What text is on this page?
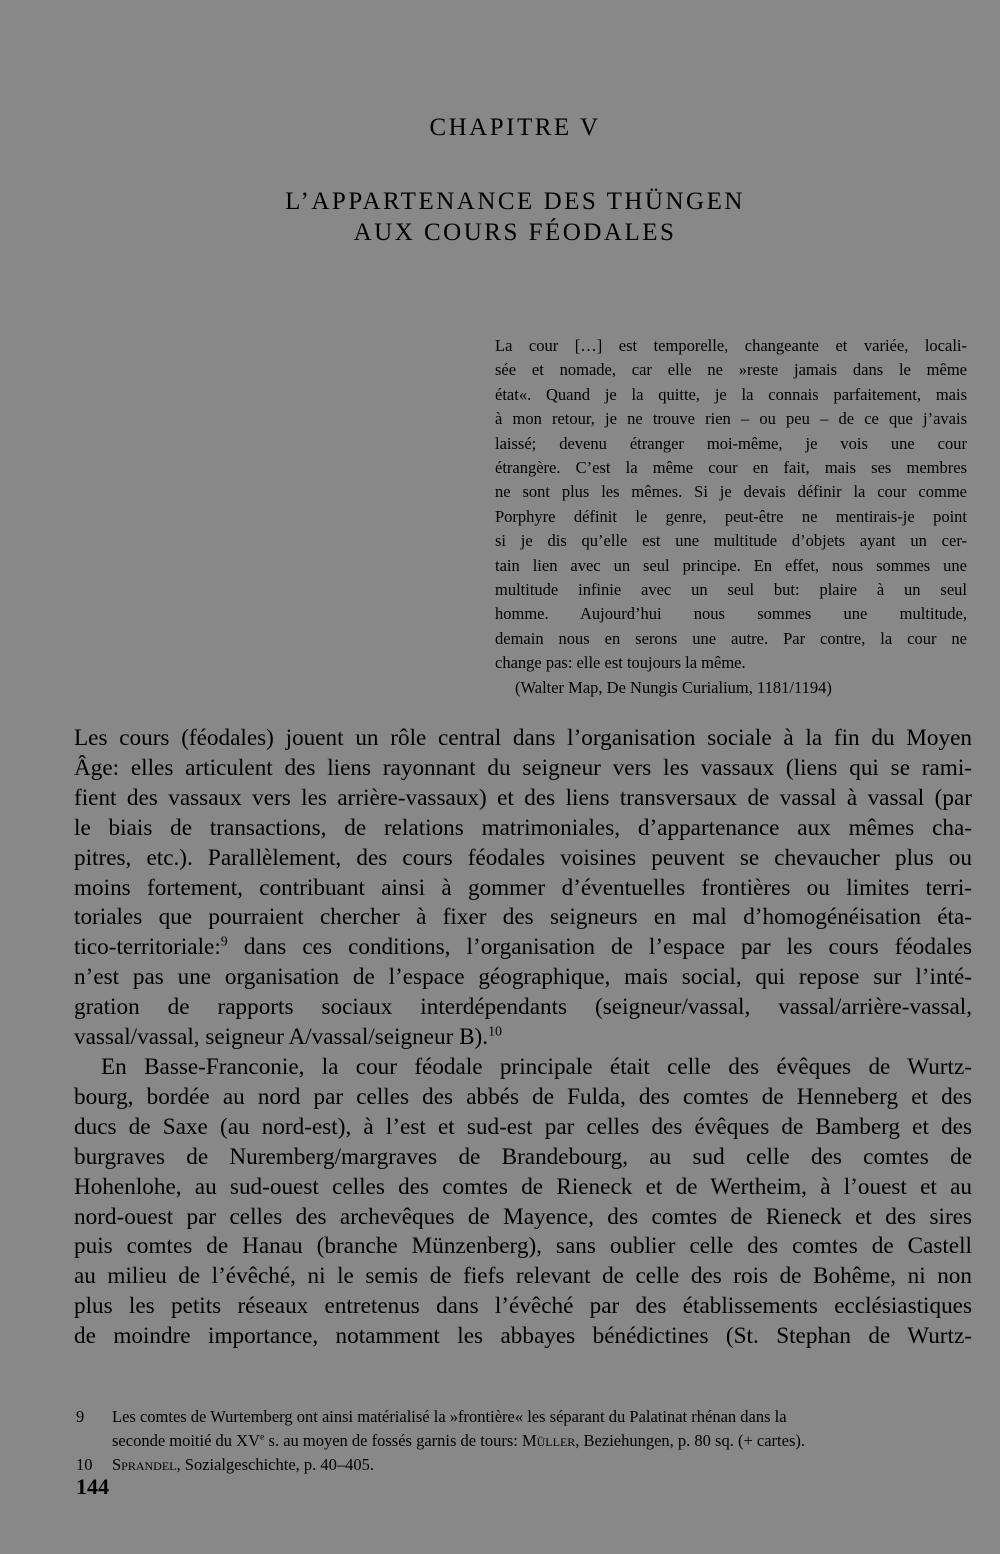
CHAPITRE V
L’APPARTENANCE DES THÜNGEN
AUX COURS FÉODALES
La cour […] est temporelle, changeante et variée, locali-
sée et nomade, car elle ne »reste jamais dans le même
état«. Quand je la quitte, je la connais parfaitement, mais
à mon retour, je ne trouve rien – ou peu – de ce que j’avais
laissé; devenu étranger moi-même, je vois une cour
étrangère. C’est la même cour en fait, mais ses membres
ne sont plus les mêmes. Si je devais définir la cour comme
Porphyre définit le genre, peut-être ne mentirais-je point
si je dis qu’elle est une multitude d’objets ayant un cer-
tain lien avec un seul principe. En effet, nous sommes une
multitude infinie avec un seul but: plaire à un seul
homme. Aujourd’hui nous sommes une multitude,
demain nous en serons une autre. Par contre, la cour ne
change pas: elle est toujours la même.
(Walter Map, De Nungis Curialium, 1181/1194)
Les cours (féodales) jouent un rôle central dans l’organisation sociale à la fin du Moyen
Âge: elles articulent des liens rayonnant du seigneur vers les vassaux (liens qui se rami-
fient des vassaux vers les arrière-vassaux) et des liens transversaux de vassal à vassal (par
le biais de transactions, de relations matrimoniales, d’appartenance aux mêmes cha-
pitres, etc.). Parallèlement, des cours féodales voisines peuvent se chevaucher plus ou
moins fortement, contribuant ainsi à gommer d’éventuelles frontières ou limites terri-
toriales que pourraient chercher à fixer des seigneurs en mal d’homogénéisation éta-
tico-territoriale:$^9$ dans ces conditions, l’organisation de l’espace par les cours féodales
n’est pas une organisation de l’espace géographique, mais social, qui repose sur l’inté-
gration de rapports sociaux interdépendants (seigneur/vassal, vassal/arrière-vassal,
vassal/vassal, seigneur A/vassal/seigneur B).$^{10}$
En Basse-Franconie, la cour féodale principale était celle des évêques de Wurtz-
bourg, bordée au nord par celles des abbés de Fulda, des comtes de Henneberg et des
ducs de Saxe (au nord-est), à l’est et sud-est par celles des évêques de Bamberg et des
burgraves de Nuremberg/margraves de Brandebourg, au sud celle des comtes de
Hohenlohe, au sud-ouest celles des comtes de Rieneck et de Wertheim, à l’ouest et au
nord-ouest par celles des archevêques de Mayence, des comtes de Rieneck et des sires
puis comtes de Hanau (branche Münzenberg), sans oublier celle des comtes de Castell
au milieu de l’évêché, ni le semis de fiefs relevant de celle des rois de Bohême, ni non
plus les petits réseaux entretenus dans l’évêché par des établissements ecclésiastiques
de moindre importance, notamment les abbayes bénédictines (St. Stephan de Wurtz-
9 Les comtes de Wurtemberg ont ainsi matérialisé la »frontière« les séparant du Palatinat rhénan dans la
seconde moitié du XVe s. au moyen de fossés garnis de tours: Müller, Beziehungen, p. 80 sq. (+ cartes).
10 Sprandel, Sozialgeschichte, p. 40–405.
144
